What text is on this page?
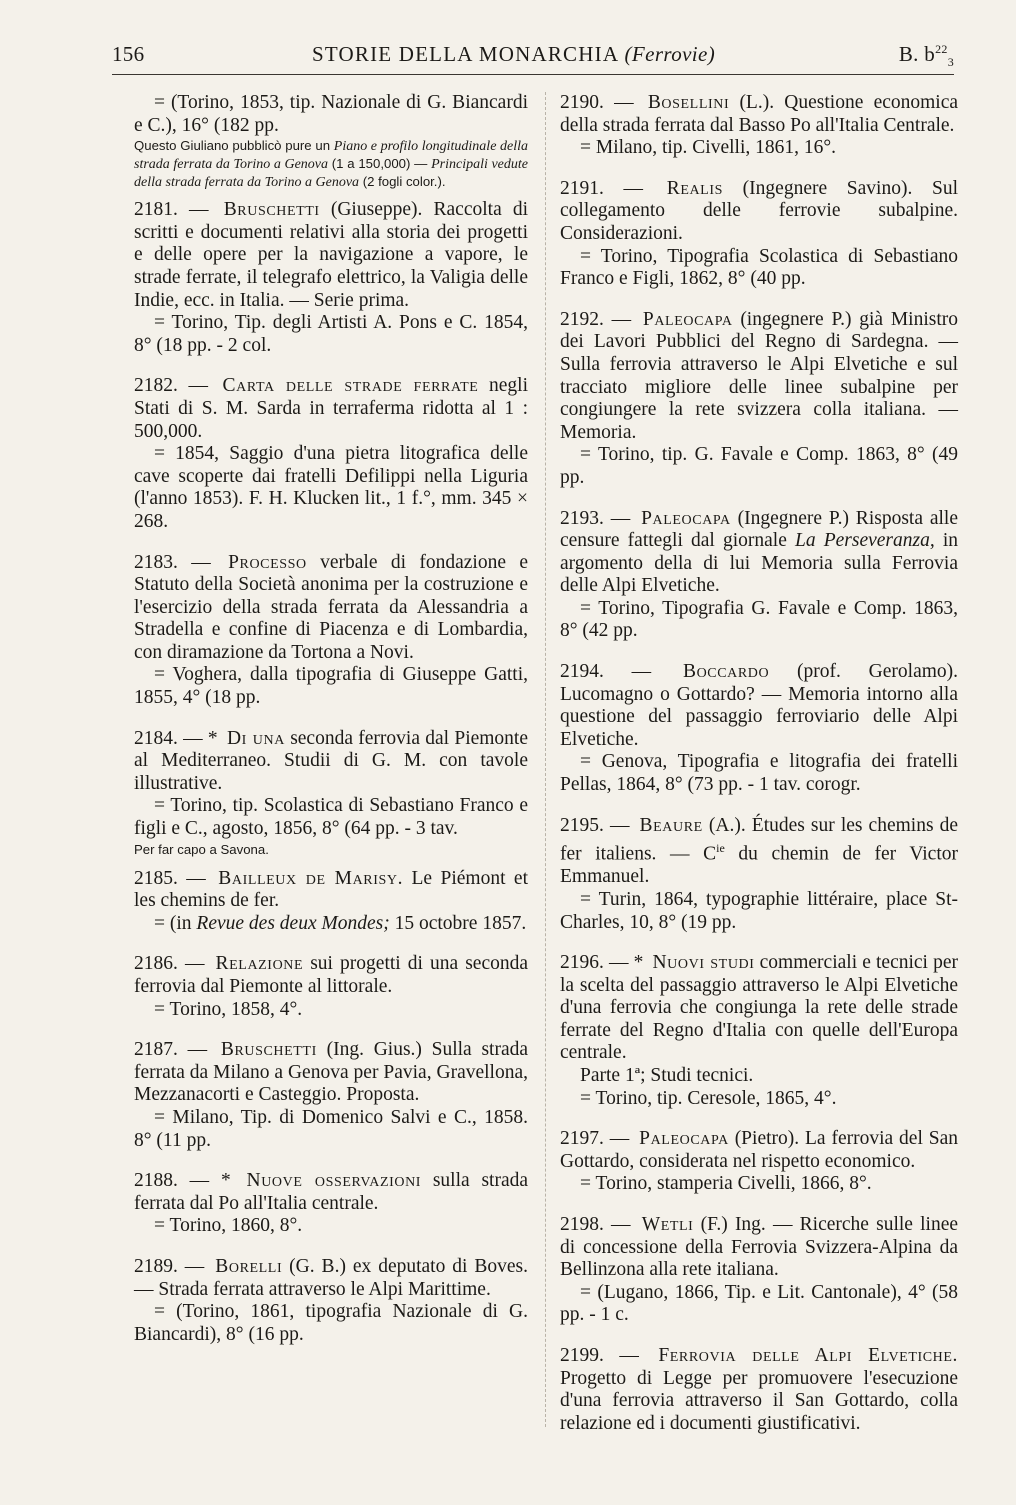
156	STORIE DELLA MONARCHIA (Ferrovie)	B. $b^{22}_3$

= (Torino, 1853, tip. Nazionale di G. Biancardi e C.), 16° (182 pp.

Questo Giuliano pubblicò pure un Piano e profilo longitudinale della strada ferrata da Torino a Genova (1 a 150,000) — Principali vedute della strada ferrata da Torino a Genova (2 fogli color.).

2181. — Bruschetti (Giuseppe). Raccolta di scritti e documenti relativi alla storia dei progetti e delle opere per la navigazione a vapore, le strade ferrate, il telegrafo elettrico, la Valigia delle Indie, ecc. in Italia. — Serie prima.

= Torino, Tip. degli Artisti A. Pons e C. 1854, 8° (18 pp. - 2 col.

2182. — Carta delle strade ferrate negli Stati di S. M. Sarda in terraferma ridotta al 1 : 500,000.

= 1854, Saggio d'una pietra litografica delle cave scoperte dai fratelli Defilippi nella Liguria (l'anno 1853). F. H. Klucken lit., 1 f.°, mm. 345 × 268.

2183. — Processo verbale di fondazione e Statuto della Società anonima per la costruzione e l'esercizio della strada ferrata da Alessandria a Stradella e confine di Piacenza e di Lombardia, con diramazione da Tortona a Novi.

= Voghera, dalla tipografia di Giuseppe Gatti, 1855, 4° (18 pp.

2184. — * Di una seconda ferrovia dal Piemonte al Mediterraneo. Studii di G. M. con tavole illustrative.

= Torino, tip. Scolastica di Sebastiano Franco e figli e C., agosto, 1856, 8° (64 pp. - 3 tav.

Per far capo a Savona.

2185. — Bailleux de Marisy. Le Piémont et les chemins de fer.

= (in Revue des deux Mondes; 15 octobre 1857.

2186. — Relazione sui progetti di una seconda ferrovia dal Piemonte al littorale.

= Torino, 1858, 4°.

2187. — Bruschetti (Ing. Gius.) Sulla strada ferrata da Milano a Genova per Pavia, Gravellona, Mezzanacorti e Casteggio. Proposta.

= Milano, Tip. di Domenico Salvi e C., 1858. 8° (11 pp.

2188. — * Nuove osservazioni sulla strada ferrata dal Po all'Italia centrale.

= Torino, 1860, 8°.

2189. — Borelli (G. B.) ex deputato di Boves. — Strada ferrata attraverso le Alpi Marittime.

= (Torino, 1861, tipografia Nazionale di G. Biancardi), 8° (16 pp.

2190. — Bosellini (L.). Questione economica della strada ferrata dal Basso Po all'Italia Centrale.

= Milano, tip. Civelli, 1861, 16°.

2191. — Realis (Ingegnere Savino). Sul collegamento delle ferrovie subalpine. Considerazioni.

= Torino, Tipografia Scolastica di Sebastiano Franco e Figli, 1862, 8° (40 pp.

2192. — Paleocapa (ingegnere P.) già Ministro dei Lavori Pubblici del Regno di Sardegna. — Sulla ferrovia attraverso le Alpi Elvetiche e sul tracciato migliore delle linee subalpine per congiungere la rete svizzera colla italiana. — Memoria.

= Torino, tip. G. Favale e Comp. 1863, 8° (49 pp.

2193. — Paleocapa (Ingegnere P.) Risposta alle censure fattegli dal giornale La Perseveranza, in argomento della di lui Memoria sulla Ferrovia delle Alpi Elvetiche.

= Torino, Tipografia G. Favale e Comp. 1863, 8° (42 pp.

2194. — Boccardo (prof. Gerolamo). Lucomagno o Gottardo? — Memoria intorno alla questione del passaggio ferroviario delle Alpi Elvetiche.

= Genova, Tipografia e litografia dei fratelli Pellas, 1864, 8° (73 pp. - 1 tav. corogr.

2195. — Beaure (A.). Études sur les chemins de fer italiens. — $C^{ie}$ du chemin de fer Victor Emmanuel.

= Turin, 1864, typographie littéraire, place St-Charles, 10, 8° (19 pp.

2196. — * Nuovi studi commerciali e tecnici per la scelta del passaggio attraverso le Alpi Elvetiche d'una ferrovia che congiunga la rete delle strade ferrate del Regno d'Italia con quelle dell'Europa centrale.

Parte 1ª; Studi tecnici.

= Torino, tip. Ceresole, 1865, 4°.

2197. — Paleocapa (Pietro). La ferrovia del San Gottardo, considerata nel rispetto economico.

= Torino, stamperia Civelli, 1866, 8°.

2198. — Wetli (F.) Ing. — Ricerche sulle linee di concessione della Ferrovia Svizzera-Alpina da Bellinzona alla rete italiana.

= (Lugano, 1866, Tip. e Lit. Cantonale), 4° (58 pp. - 1 c.

2199. — Ferrovia delle Alpi Elvetiche. Progetto di Legge per promuovere l'esecuzione d'una ferrovia attraverso il San Gottardo, colla relazione ed i documenti giustificativi.
